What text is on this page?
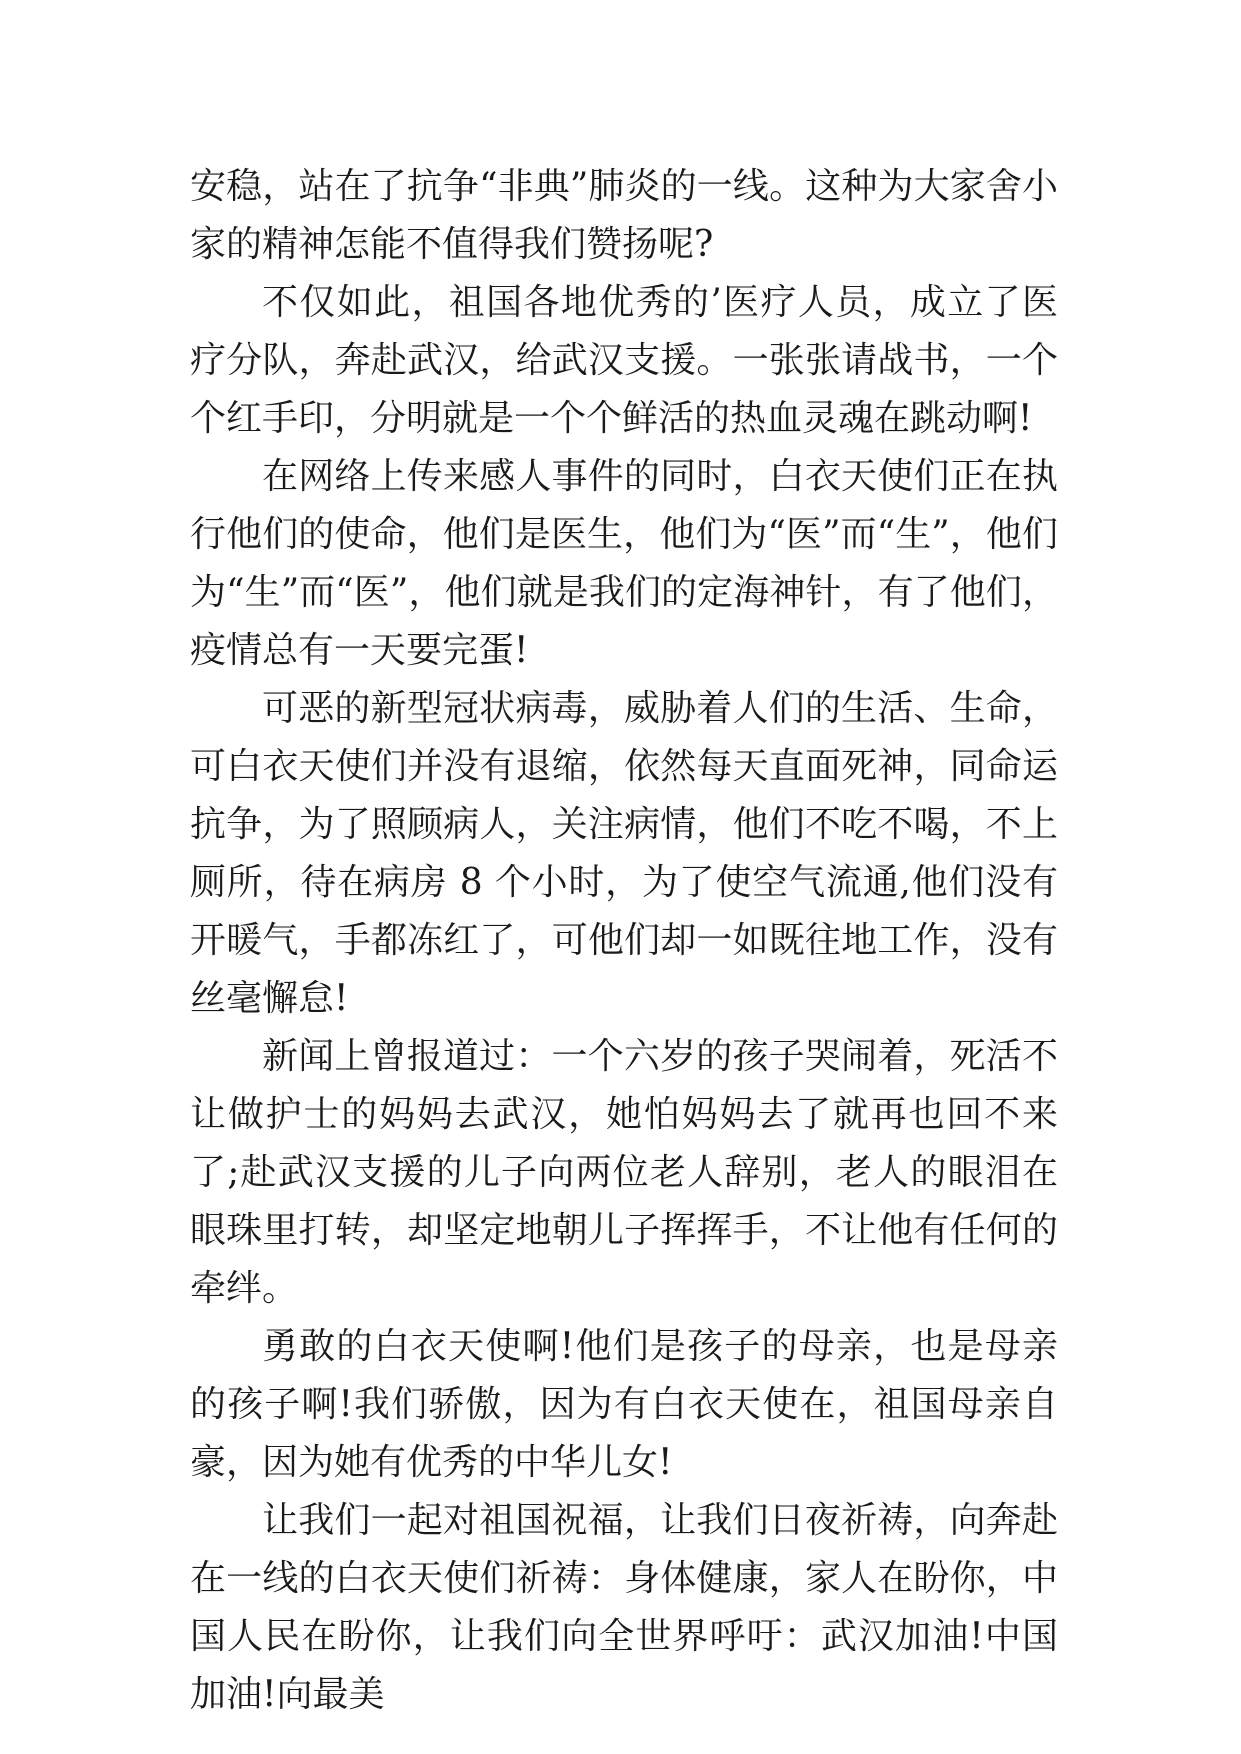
安稳，站在了抗争“非典”肺炎的一线。这种为大家舍小家的精神怎能不值得我们赞扬呢?

不仅如此，祖国各地优秀的’医疗人员，成立了医疗分队，奔赴武汉，给武汉支援。一张张请战书，一个个红手印，分明就是一个个鲜活的热血灵魂在跳动啊!

在网络上传来感人事件的同时，白衣天使们正在执行他们的使命，他们是医生，他们为“医”而“生”，他们为“生”而“医”，他们就是我们的定海神针，有了他们，疫情总有一天要完蛋!

可恶的新型冠状病毒，威胁着人们的生活、生命，可白衣天使们并没有退缩，依然每天直面死神，同命运抗争，为了照顾病人，关注病情，他们不吃不喝，不上厕所，待在病房 8 个小时，为了使空气流通,他们没有开暖气，手都冻红了，可他们却一如既往地工作，没有丝毫懈怠!

新闻上曾报道过：一个六岁的孩子哭闹着，死活不让做护士的妈妈去武汉，她怕妈妈去了就再也回不来了;赴武汉支援的儿子向两位老人辞别，老人的眼泪在眼珠里打转，却坚定地朝儿子挥挥手，不让他有任何的牵绊。

勇敢的白衣天使啊!他们是孩子的母亲，也是母亲的孩子啊!我们骄傲，因为有白衣天使在，祖国母亲自豪，因为她有优秀的中华儿女!

让我们一起对祖国祝福，让我们日夜祈祷，向奔赴在一线的白衣天使们祈祷：身体健康，家人在盼你，中国人民在盼你，让我们向全世界呼吁：武汉加油!中国加油!向最美
